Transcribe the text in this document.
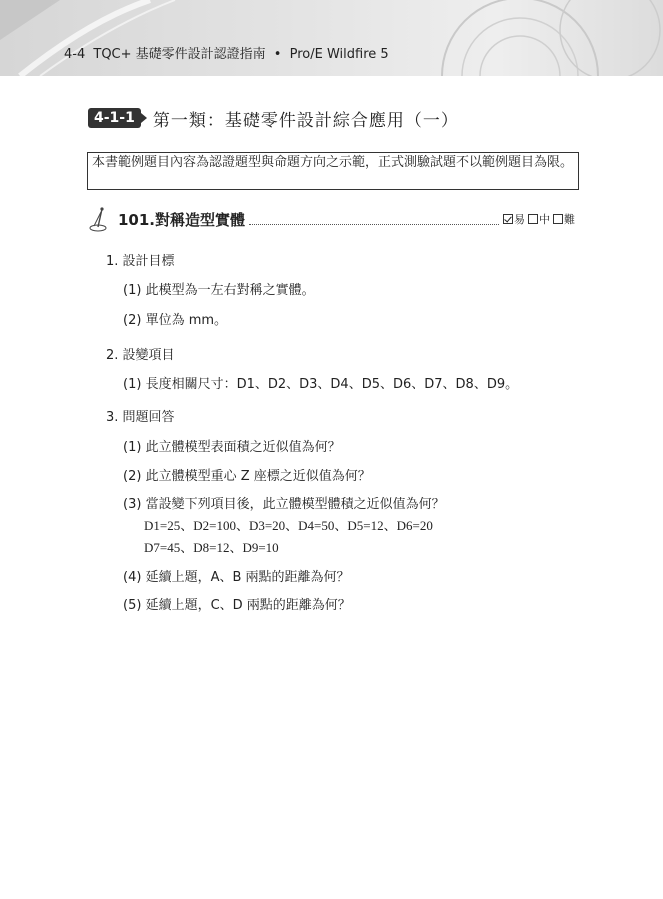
4-4 TQC+ 基礎零件設計認證指南 • Pro/E Wildfire 5
4-1-1	第一類：基礎零件設計綜合應用（一）
本書範例題目內容為認證題型與命題方向之示範，正式測驗試題不以範例題目為限。
101.對稱造型實體	易 中 難
1. 設計目標
(1) 此模型為一左右對稱之實體。
(2) 單位為 mm。
2. 設變項目
(1) 長度相關尺寸：D1、D2、D3、D4、D5、D6、D7、D8、D9。
3. 問題回答
(1) 此立體模型表面積之近似值為何？
(2) 此立體模型重心 Z 座標之近似值為何？
(3) 當設變下列項目後，此立體模型體積之近似值為何？
D1=25、D2=100、D3=20、D4=50、D5=12、D6=20
D7=45、D8=12、D9=10
(4) 延續上題，A、B 兩點的距離為何？
(5) 延續上題，C、D 兩點的距離為何？
